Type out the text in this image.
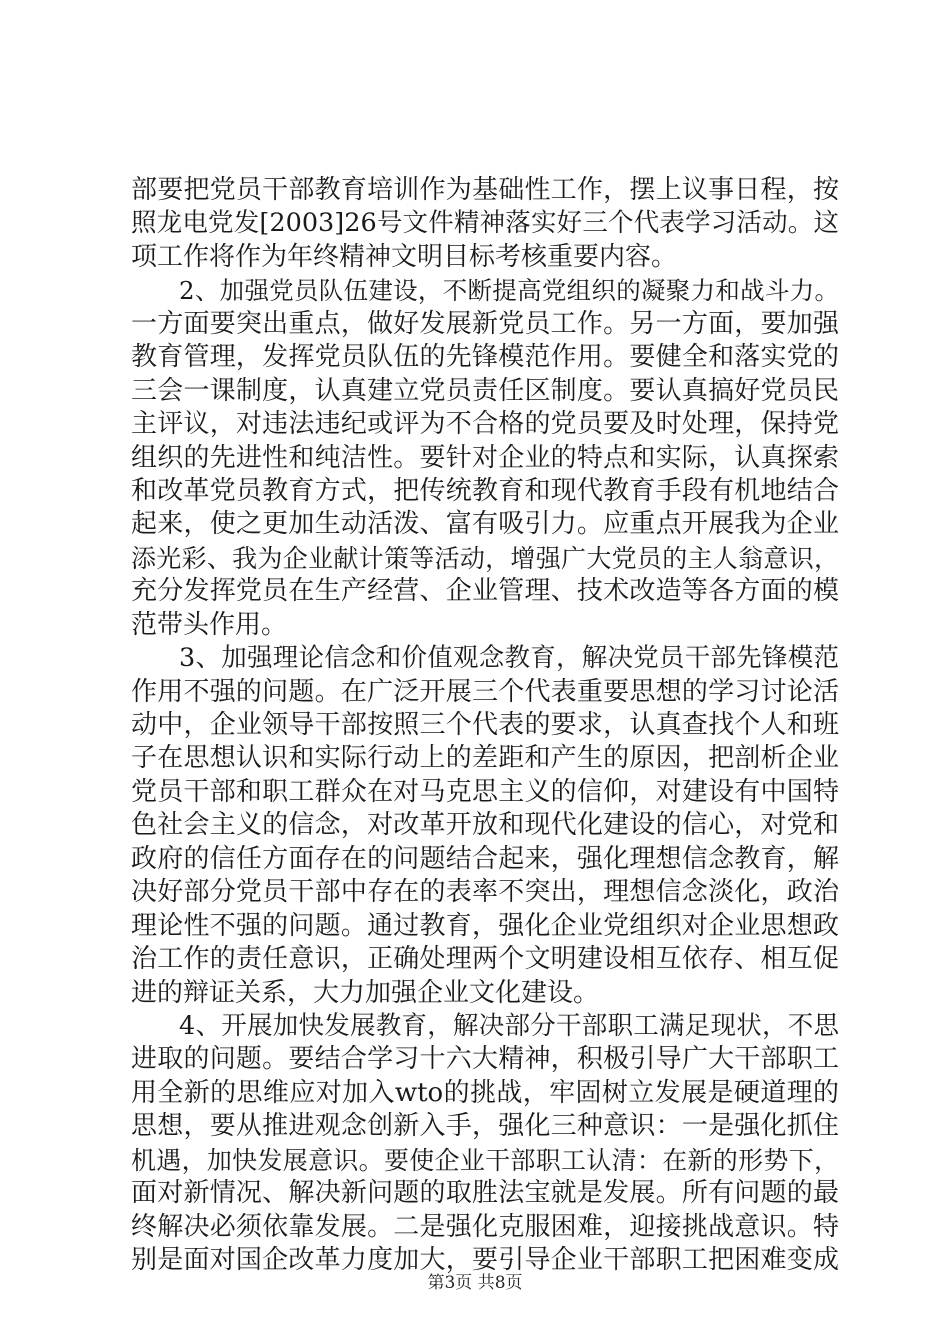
部要把党员干部教育培训作为基础性工作，摆上议事日程，按
照龙电党发[2003]26号文件精神落实好三个代表学习活动。这
项工作将作为年终精神文明目标考核重要内容。
2、加强党员队伍建设，不断提高党组织的凝聚力和战斗力。
一方面要突出重点，做好发展新党员工作。另一方面，要加强
教育管理，发挥党员队伍的先锋模范作用。要健全和落实党的
三会一课制度，认真建立党员责任区制度。要认真搞好党员民
主评议，对违法违纪或评为不合格的党员要及时处理，保持党
组织的先进性和纯洁性。要针对企业的特点和实际，认真探索
和改革党员教育方式，把传统教育和现代教育手段有机地结合
起来，使之更加生动活泼、富有吸引力。应重点开展我为企业
添光彩、我为企业献计策等活动，增强广大党员的主人翁意识，
充分发挥党员在生产经营、企业管理、技术改造等各方面的模
范带头作用。
3、加强理论信念和价值观念教育，解决党员干部先锋模范
作用不强的问题。在广泛开展三个代表重要思想的学习讨论活
动中，企业领导干部按照三个代表的要求，认真查找个人和班
子在思想认识和实际行动上的差距和产生的原因，把剖析企业
党员干部和职工群众在对马克思主义的信仰，对建设有中国特
色社会主义的信念，对改革开放和现代化建设的信心，对党和
政府的信任方面存在的问题结合起来，强化理想信念教育，解
决好部分党员干部中存在的表率不突出，理想信念淡化，政治
理论性不强的问题。通过教育，强化企业党组织对企业思想政
治工作的责任意识，正确处理两个文明建设相互依存、相互促
进的辩证关系，大力加强企业文化建设。
4、开展加快发展教育，解决部分干部职工满足现状，不思
进取的问题。要结合学习十六大精神，积极引导广大干部职工
用全新的思维应对加入wto的挑战，牢固树立发展是硬道理的
思想，要从推进观念创新入手，强化三种意识：一是强化抓住
机遇，加快发展意识。要使企业干部职工认清：在新的形势下，
面对新情况、解决新问题的取胜法宝就是发展。所有问题的最
终解决必须依靠发展。二是强化克服困难，迎接挑战意识。特
别是面对国企改革力度加大，要引导企业干部职工把困难变成
第3页 共8页
